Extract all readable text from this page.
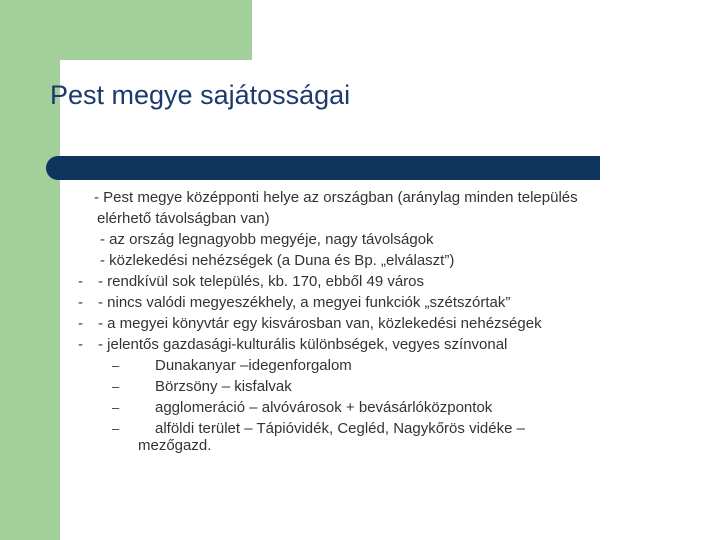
Pest megye sajátosságai
- Pest megye középponti helye az országban (aránylag minden település
elérhető távolságban van)
- az ország legnagyobb megyéje, nagy távolságok
- közlekedési nehézségek (a Duna és Bp. „elválaszt”)
- - rendkívül sok település, kb. 170, ebből 49 város
- - nincs valódi megyeszékhely, a megyei funkciók „szétszórtak”
- - a megyei könyvtár egy kisvárosban van, közlekedési nehézségek
- - jelentős gazdasági-kulturális különbségek, vegyes színvonal
– Dunakanyar –idegenforgalom
– Börzsöny – kisfalvak
– agglomeráció – alvóvárosok + bevásárlóközpontok
– alföldi terület – Tápióvidék, Cegléd, Nagykőrös vidéke –
mezőgazd.
